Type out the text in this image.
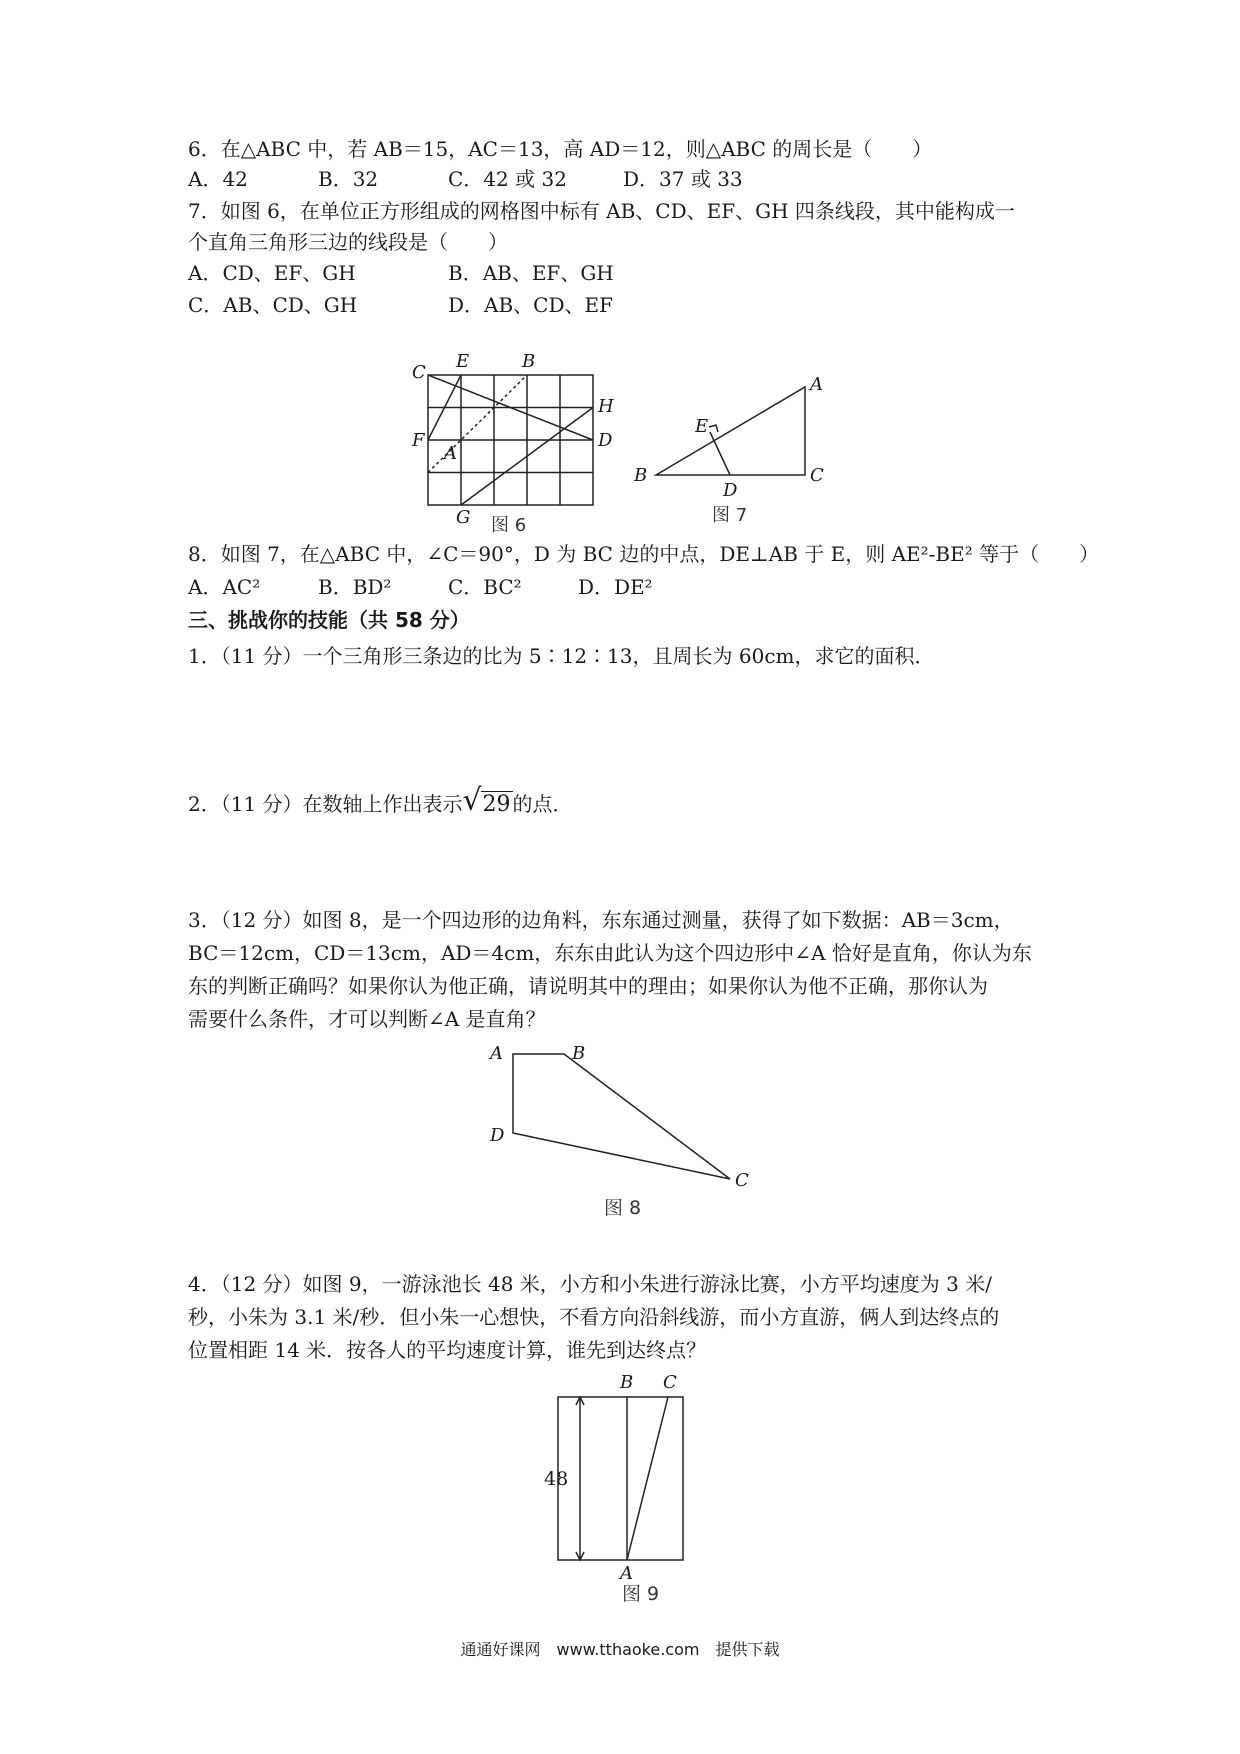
6．在△ABC 中，若 AB＝15，AC＝13，高 AD＝12，则△ABC 的周长是（　　）
A．42	B．32	C．42 或 32	D．37 或 33
7．如图 6，在单位正方形组成的网格图中标有 AB、CD、EF、GH 四条线段，其中能构成一
个直角三角形三边的线段是（　　）
A．CD、EF、GH	B．AB、EF、GH
C．AB、CD、GH	D．AB、CD、EF
C
E	B
H
F
A
D
G 图 6
A
E
B
D
C
图 7
8．如图 7，在△ABC 中，∠C＝90°，D 为 BC 边的中点，DE⊥AB 于 E，则 AE²-BE² 等于（　　）
A．AC²	B．BD²	C．BC²	D．DE²
三、挑战你的技能（共 58 分）
1．（11 分）一个三角形三条边的比为 5∶12∶13，且周长为 60cm，求它的面积．
2．（11 分）在数轴上作出表示 √ 29 的点．
3．（12 分）如图 8，是一个四边形的边角料，东东通过测量，获得了如下数据：AB＝3cm，
BC＝12cm，CD＝13cm，AD＝4cm，东东由此认为这个四边形中∠A 恰好是直角，你认为东
东的判断正确吗？如果你认为他正确，请说明其中的理由；如果你认为他不正确，那你认为
需要什么条件，才可以判断∠A 是直角？
A	B
D
C
图 8
4．（12 分）如图 9，一游泳池长 48 米，小方和小朱进行游泳比赛，小方平均速度为 3 米/
秒，小朱为 3.1 米/秒．但小朱一心想快，不看方向沿斜线游，而小方直游，俩人到达终点的
位置相距 14 米．按各人的平均速度计算，谁先到达终点？
48
B C
A
图 9
通通好课网　www.tthaoke.com　提供下载
